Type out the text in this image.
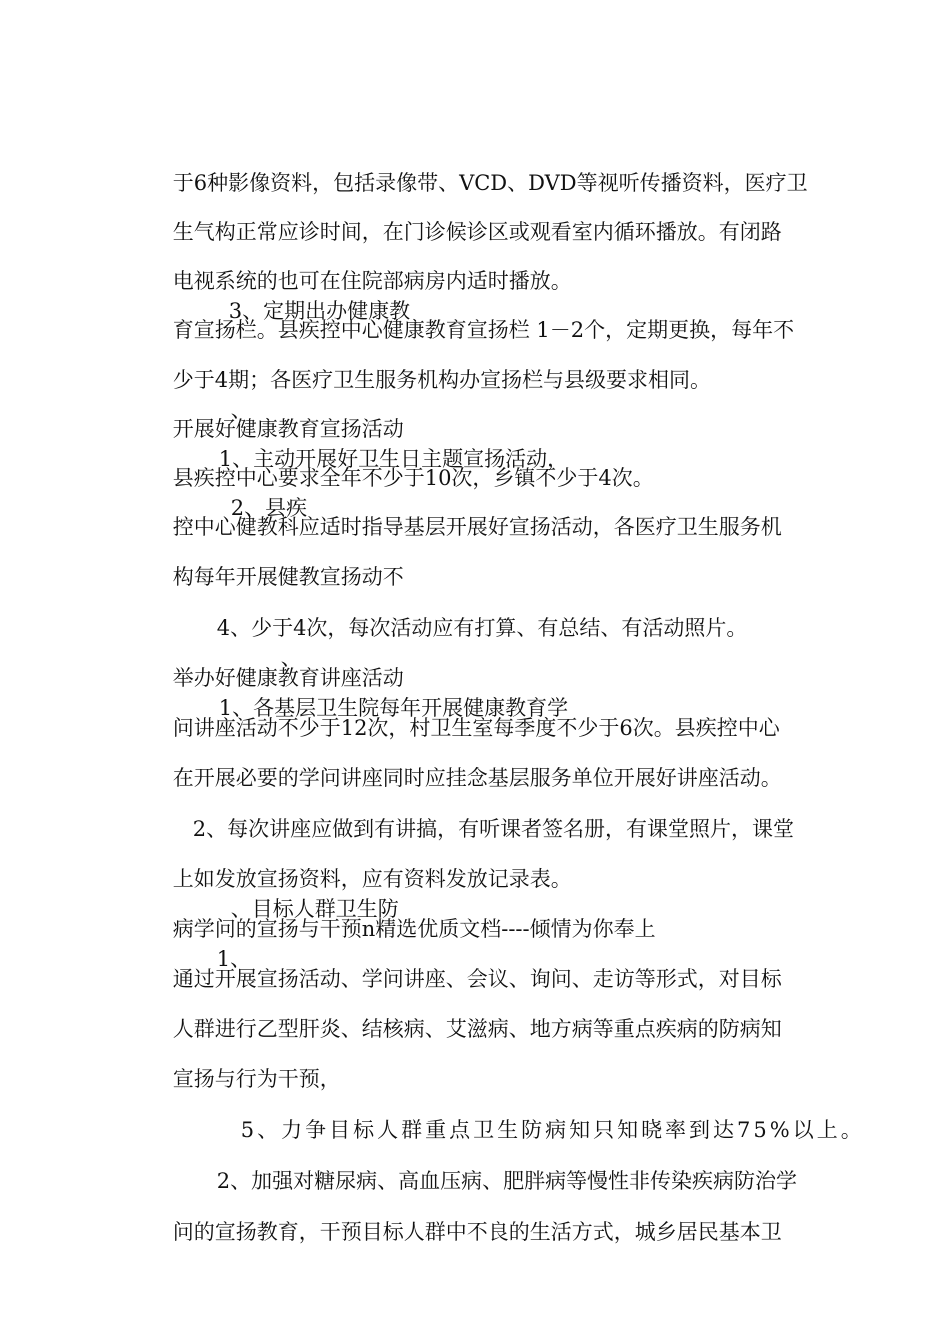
于6种影像资料，包括录像带、VCD、DVD等视听传播资料，医疗卫

生气构正常应诊时间，在门诊候诊区或观看室内循环播放。有闭路

电视系统的也可在住院部病房内适时播放。
3、定期出办健康教

育宣扬栏。县疾控中心健康教育宣扬栏 1－2个，定期更换，每年不

少于4期；各医疗卫生服务机构办宣扬栏与县级要求相同。
、

开展好健康教育宣扬活动
1、主动开展好卫生日主题宣扬活动，

县疾控中心要求全年不少于10次，乡镇不少于4次。
2、县疾

控中心健教科应适时指导基层开展好宣扬活动，各医疗卫生服务机

构每年开展健教宣扬动不

4、少于4次，每次活动应有打算、有总结、有活动照片。
、

举办好健康教育讲座活动
1、各基层卫生院每年开展健康教育学

问讲座活动不少于12次，村卫生室每季度不少于6次。县疾控中心

在开展必要的学问讲座同时应挂念基层服务单位开展好讲座活动。

2、每次讲座应做到有讲搞，有听课者签名册，有课堂照片，课堂

上如发放宣扬资料，应有资料发放记录表。
、目标人群卫生防

病学问的宣扬与干预n精选优质文档----倾情为你奉上
1、

通过开展宣扬活动、学问讲座、会议、询问、走访等形式，对目标

人群进行乙型肝炎、结核病、艾滋病、地方病等重点疾病的防病知

宣扬与行为干预，

5、力争目标人群重点卫生防病知只知晓率到达75%以上。

2、加强对糖尿病、高血压病、肥胖病等慢性非传染疾病防治学

问的宣扬教育，干预目标人群中不良的生活方式，城乡居民基本卫
